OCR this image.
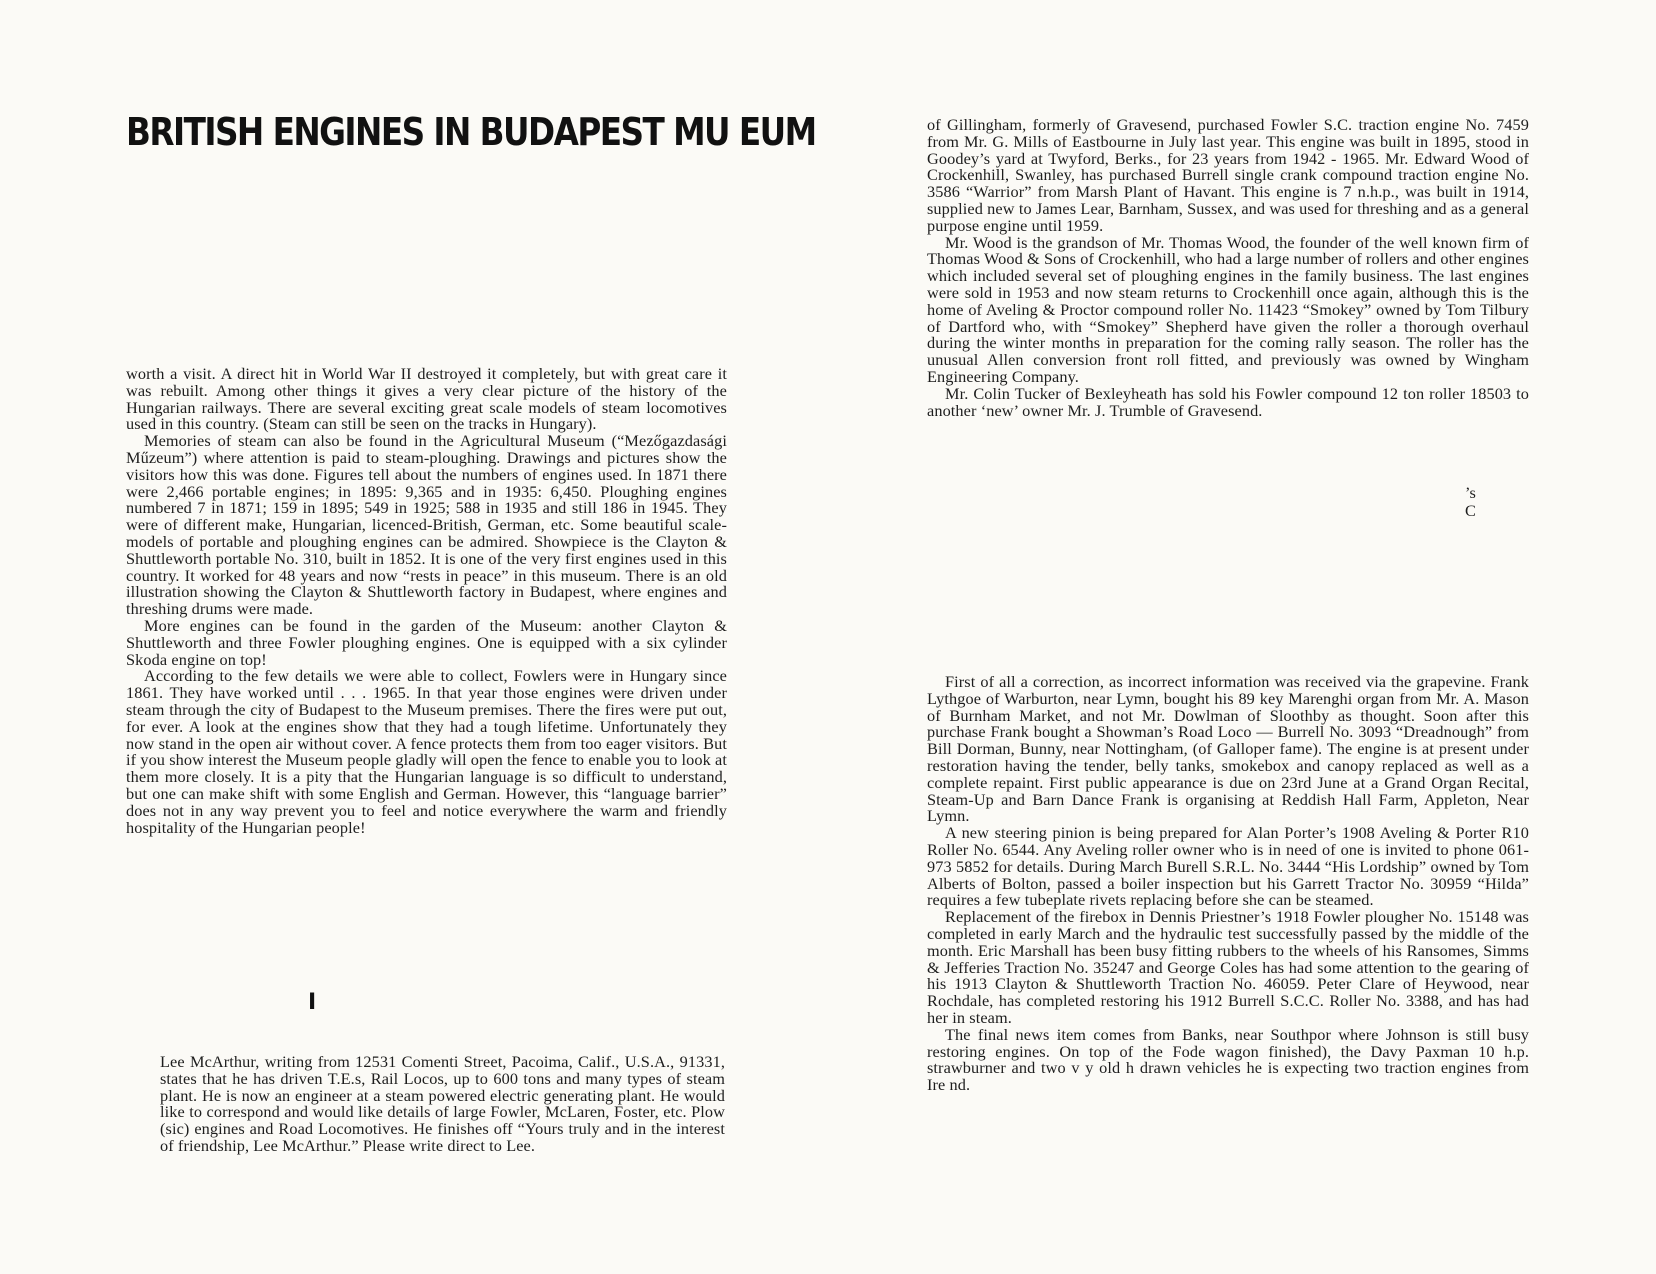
BRITISH ENGINES IN BUDAPEST MU EUM

worth a visit. A direct hit in World War II destroyed it completely, but with great care it was rebuilt. Among other things it gives a very clear picture of the history of the Hungarian railways. There are several exciting great scale models of steam locomotives used in this country. (Steam can still be seen on the tracks in Hungary).

Memories of steam can also be found in the Agricultural Museum (“Mezőgazdasági Műzeum”) where attention is paid to steam-ploughing. Drawings and pictures show the visitors how this was done. Figures tell about the numbers of engines used. In 1871 there were 2,466 portable engines; in 1895: 9,365 and in 1935: 6,450. Ploughing engines numbered 7 in 1871; 159 in 1895; 549 in 1925; 588 in 1935 and still 186 in 1945. They were of different make, Hungarian, licenced-British, German, etc. Some beautiful scale-models of portable and ploughing engines can be admired. Showpiece is the Clayton & Shuttleworth portable No. 310, built in 1852. It is one of the very first engines used in this country. It worked for 48 years and now “rests in peace” in this museum. There is an old illustration showing the Clayton & Shuttleworth factory in Budapest, where engines and threshing drums were made.

More engines can be found in the garden of the Museum: another Clayton & Shuttleworth and three Fowler ploughing engines. One is equipped with a six cylinder Skoda engine on top!

According to the few details we were able to collect, Fowlers were in Hungary since 1861. They have worked until . . . 1965. In that year those engines were driven under steam through the city of Budapest to the Museum premises. There the fires were put out, for ever. A look at the engines show that they had a tough lifetime. Unfortunately they now stand in the open air without cover. A fence protects them from too eager visitors. But if you show interest the Museum people gladly will open the fence to enable you to look at them more closely. It is a pity that the Hungarian language is so difficult to understand, but one can make shift with some English and German. However, this “language barrier” does not in any way prevent you to feel and notice everywhere the warm and friendly hospitality of the Hungarian people!

I

Lee McArthur, writing from 12531 Comenti Street, Pacoima, Calif., U.S.A., 91331, states that he has driven T.E.s, Rail Locos, up to 600 tons and many types of steam plant. He is now an engineer at a steam powered electric generating plant. He would like to correspond and would like details of large Fowler, McLaren, Foster, etc. Plow (sic) engines and Road Locomotives. He finishes off “Yours truly and in the interest of friendship, Lee McArthur.” Please write direct to Lee.

of Gillingham, formerly of Gravesend, purchased Fowler S.C. traction engine No. 7459 from Mr. G. Mills of Eastbourne in July last year. This engine was built in 1895, stood in Goodey’s yard at Twyford, Berks., for 23 years from 1942 - 1965. Mr. Edward Wood of Crockenhill, Swanley, has purchased Burrell single crank compound traction engine No. 3586 “Warrior” from Marsh Plant of Havant. This engine is 7 n.h.p., was built in 1914, supplied new to James Lear, Barnham, Sussex, and was used for threshing and as a general purpose engine until 1959.

Mr. Wood is the grandson of Mr. Thomas Wood, the founder of the well known firm of Thomas Wood & Sons of Crockenhill, who had a large number of rollers and other engines which included several set of ploughing engines in the family business. The last engines were sold in 1953 and now steam returns to Crockenhill once again, although this is the home of Aveling & Proctor compound roller No. 11423 “Smokey” owned by Tom Tilbury of Dartford who, with “Smokey” Shepherd have given the roller a thorough overhaul during the winter months in preparation for the coming rally season. The roller has the unusual Allen conversion front roll fitted, and previously was owned by Wingham Engineering Company.

Mr. Colin Tucker of Bexleyheath has sold his Fowler compound 12 ton roller 18503 to another ‘new’ owner Mr. J. Trumble of Gravesend.

’s
C

First of all a correction, as incorrect information was received via the grapevine. Frank Lythgoe of Warburton, near Lymn, bought his 89 key Marenghi organ from Mr. A. Mason of Burnham Market, and not Mr. Dowlman of Sloothby as thought. Soon after this purchase Frank bought a Showman’s Road Loco — Burrell No. 3093 “Dreadnough” from Bill Dorman, Bunny, near Nottingham, (of Galloper fame). The engine is at present under restoration having the tender, belly tanks, smokebox and canopy replaced as well as a complete repaint. First public appearance is due on 23rd June at a Grand Organ Recital, Steam-Up and Barn Dance Frank is organising at Reddish Hall Farm, Appleton, Near Lymn.

A new steering pinion is being prepared for Alan Porter’s 1908 Aveling & Porter R10 Roller No. 6544. Any Aveling roller owner who is in need of one is invited to phone 061-973 5852 for details. During March Burell S.R.L. No. 3444 “His Lordship” owned by Tom Alberts of Bolton, passed a boiler inspection but his Garrett Tractor No. 30959 “Hilda” requires a few tubeplate rivets replacing before she can be steamed.

Replacement of the firebox in Dennis Priestner’s 1918 Fowler plougher No. 15148 was completed in early March and the hydraulic test successfully passed by the middle of the month. Eric Marshall has been busy fitting rubbers to the wheels of his Ransomes, Simms & Jefferies Traction No. 35247 and George Coles has had some attention to the gearing of his 1913 Clayton & Shuttleworth Traction No. 46059. Peter Clare of Heywood, near Rochdale, has completed restoring his 1912 Burrell S.C.C. Roller No. 3388, and has had her in steam.

The final news item comes from Banks, near Southpor where Johnson is still busy restoring engines. On top of the Fode wagon finished), the Davy Paxman 10 h.p. strawburner and two v y old h drawn vehicles he is expecting two traction engines from Ire nd.
